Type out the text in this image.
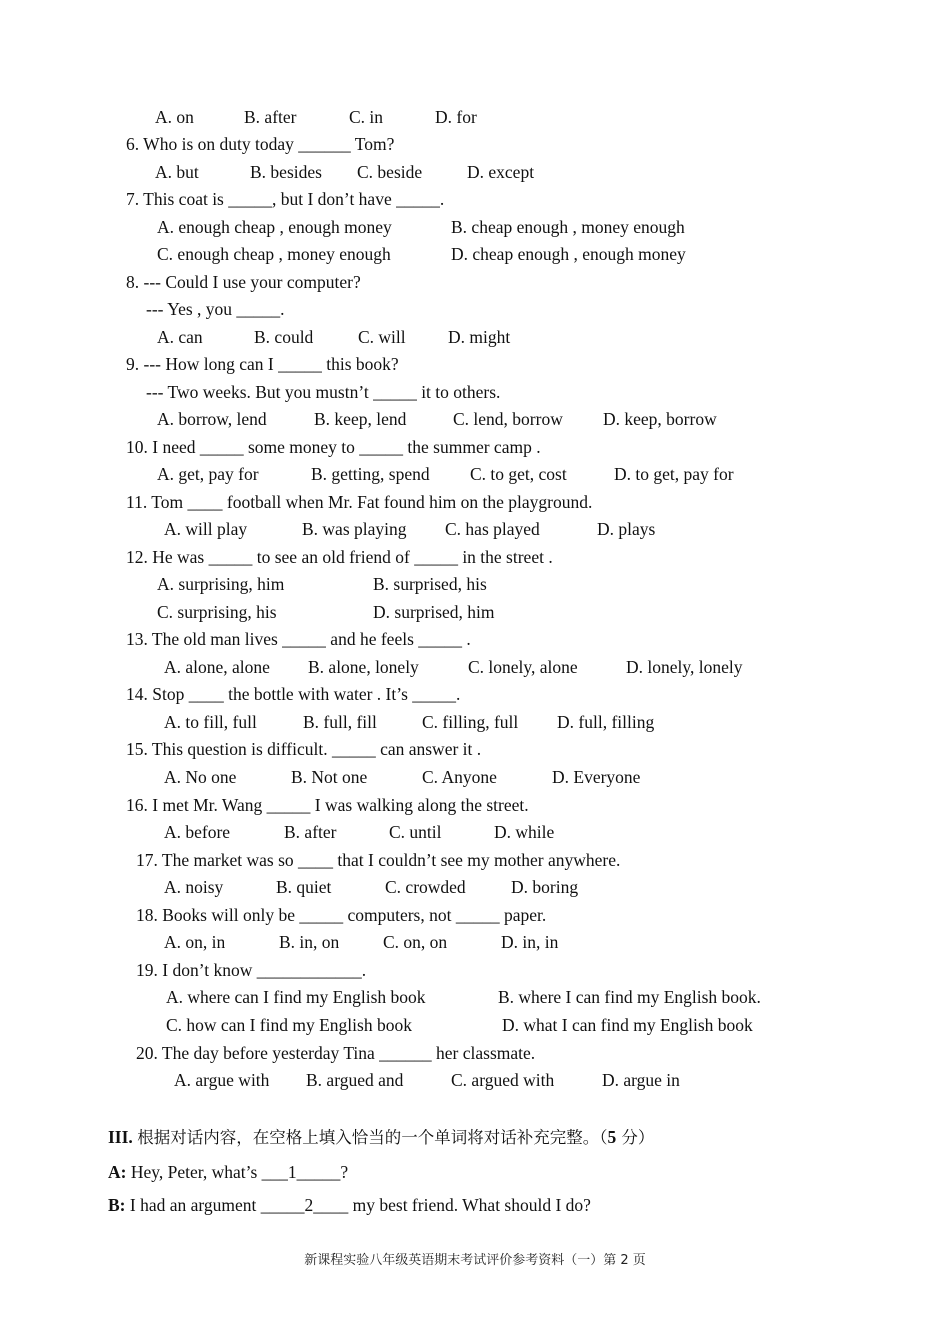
A. on	B. after	C. in	D. for
6. Who is on duty today ______ Tom?
A. but	B. besides C. beside	D. except
7. This coat is _____, but I don’t have _____.
A. enough cheap , enough money	B. cheap enough , money enough
C. enough cheap , money enough	D. cheap enough , enough money
8. --- Could I use your computer?
--- Yes , you _____.
A. can	B. could	C. will D. might
9. --- How long can I _____ this book?
--- Two weeks. But you mustn’t _____ it to others.
A. borrow, lend	B. keep, lend	C. lend, borrow D. keep, borrow
10. I need _____ some money to _____ the summer camp .
A. get, pay for	B. getting, spend C. to get, cost	D. to get, pay for
11. Tom ____ football when Mr. Fat found him on the playground.
A. will play	B. was playing C. has played	D. plays
12. He was _____ to see an old friend of _____ in the street .
A. surprising, him	B. surprised, his
C. surprising, his	D. surprised, him
13. The old man lives _____ and he feels _____ .
A. alone, alone B. alone, lonely	C. lonely, alone	D. lonely, lonely
14. Stop ____ the bottle with water . It’s _____.
A. to fill, full	B. full, fill	C. filling, full D. full, filling
15. This question is difficult. _____ can answer it .
A. No one	B. Not one	C. Anyone	D. Everyone
16. I met Mr. Wang _____ I was walking along the street.
A. before	B. after	C. until	D. while
17. The market was so ____ that I couldn’t see my mother anywhere.
A. noisy	B. quiet	C. crowded	D. boring
18. Books will only be _____ computers, not _____ paper.
A. on, in	B. in, on C. on, on	D. in, in
19. I don’t know ____________.
A. where can I find my English book	B. where I can find my English book.
C. how can I find my English book	D. what I can find my English book
20. The day before yesterday Tina ______ her classmate.
A. argue with B. argued and	C. argued with	D. argue in
III. 根据对话内容，在空格上填入恰当的一个单词将对话补充完整。（5 分）
A: Hey, Peter, what’s ___1_____?
B: I had an argument _____2____ my best friend. What should I do?
新课程实验八年级英语期末考试评价参考资料（一）第 2 页
